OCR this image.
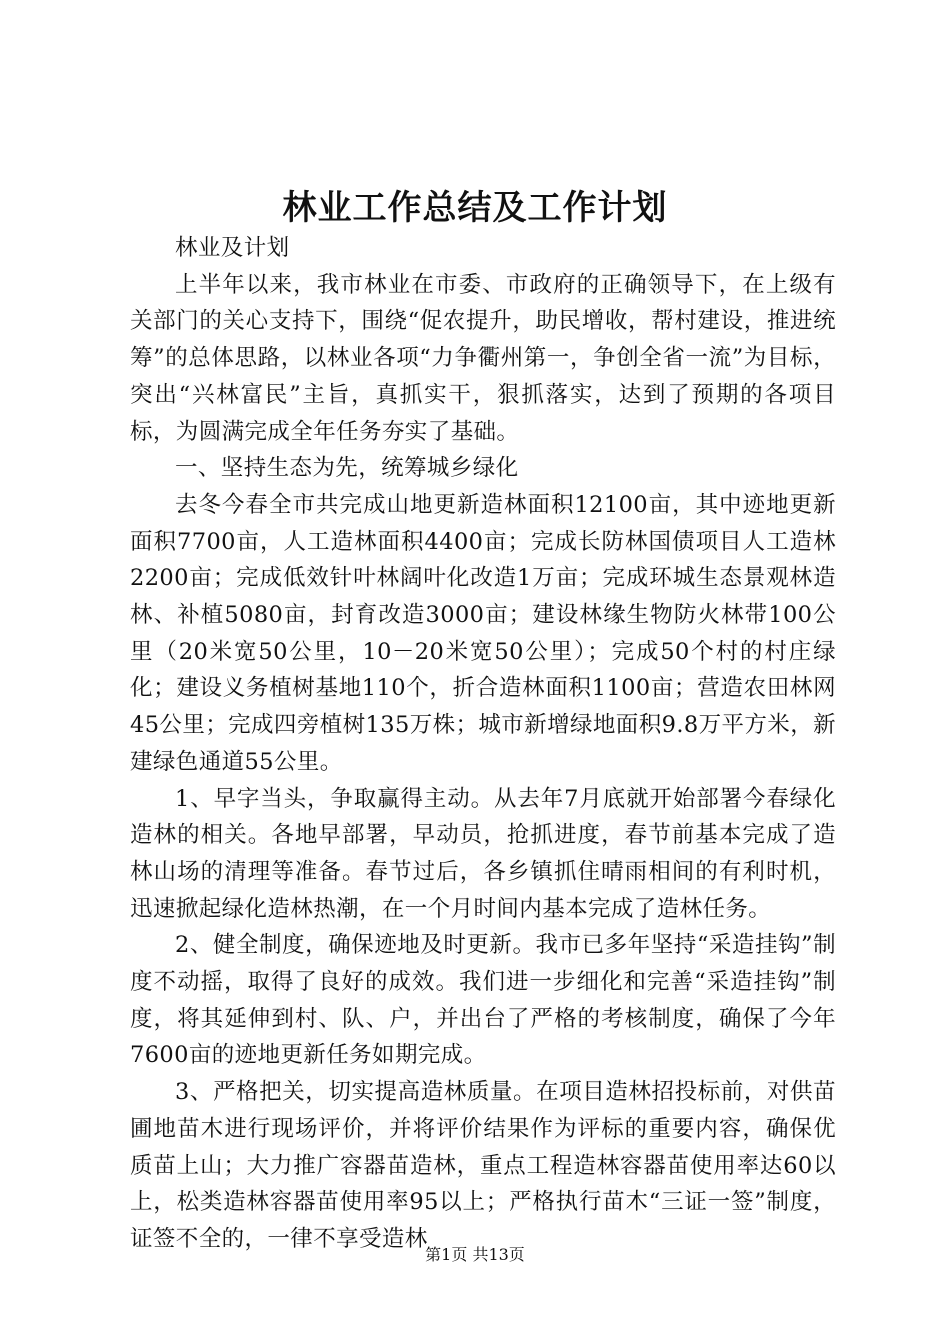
林业工作总结及工作计划

林业及计划

上半年以来，我市林业在市委、市政府的正确领导下，在上级有关部门的关心支持下，围绕“促农提升，助民增收，帮村建设，推进统筹”的总体思路，以林业各项“力争衢州第一，争创全省一流”为目标，突出“兴林富民”主旨，真抓实干，狠抓落实，达到了预期的各项目标，为圆满完成全年任务夯实了基础。

一、坚持生态为先，统筹城乡绿化

去冬今春全市共完成山地更新造林面积12100亩，其中迹地更新面积7700亩，人工造林面积4400亩；完成长防林国债项目人工造林2200亩；完成低效针叶林阔叶化改造1万亩；完成环城生态景观林造林、补植5080亩，封育改造3000亩；建设林缘生物防火林带100公里（20米宽50公里，10－20米宽50公里）；完成50个村的村庄绿化；建设义务植树基地110个，折合造林面积1100亩；营造农田林网45公里；完成四旁植树135万株；城市新增绿地面积9.8万平方米，新建绿色通道55公里。

1、早字当头，争取赢得主动。从去年7月底就开始部署今春绿化造林的相关。各地早部署，早动员，抢抓进度，春节前基本完成了造林山场的清理等准备。春节过后，各乡镇抓住晴雨相间的有利时机，迅速掀起绿化造林热潮，在一个月时间内基本完成了造林任务。

2、健全制度，确保迹地及时更新。我市已多年坚持“采造挂钩”制度不动摇，取得了良好的成效。我们进一步细化和完善“采造挂钩”制度，将其延伸到村、队、户，并出台了严格的考核制度，确保了今年7600亩的迹地更新任务如期完成。

3、严格把关，切实提高造林质量。在项目造林招投标前，对供苗圃地苗木进行现场评价，并将评价结果作为评标的重要内容，确保优质苗上山；大力推广容器苗造林，重点工程造林容器苗使用率达60以上，松类造林容器苗使用率95以上；严格执行苗木“三证一签”制度，证签不全的，一律不享受造林

第1页 共13页
